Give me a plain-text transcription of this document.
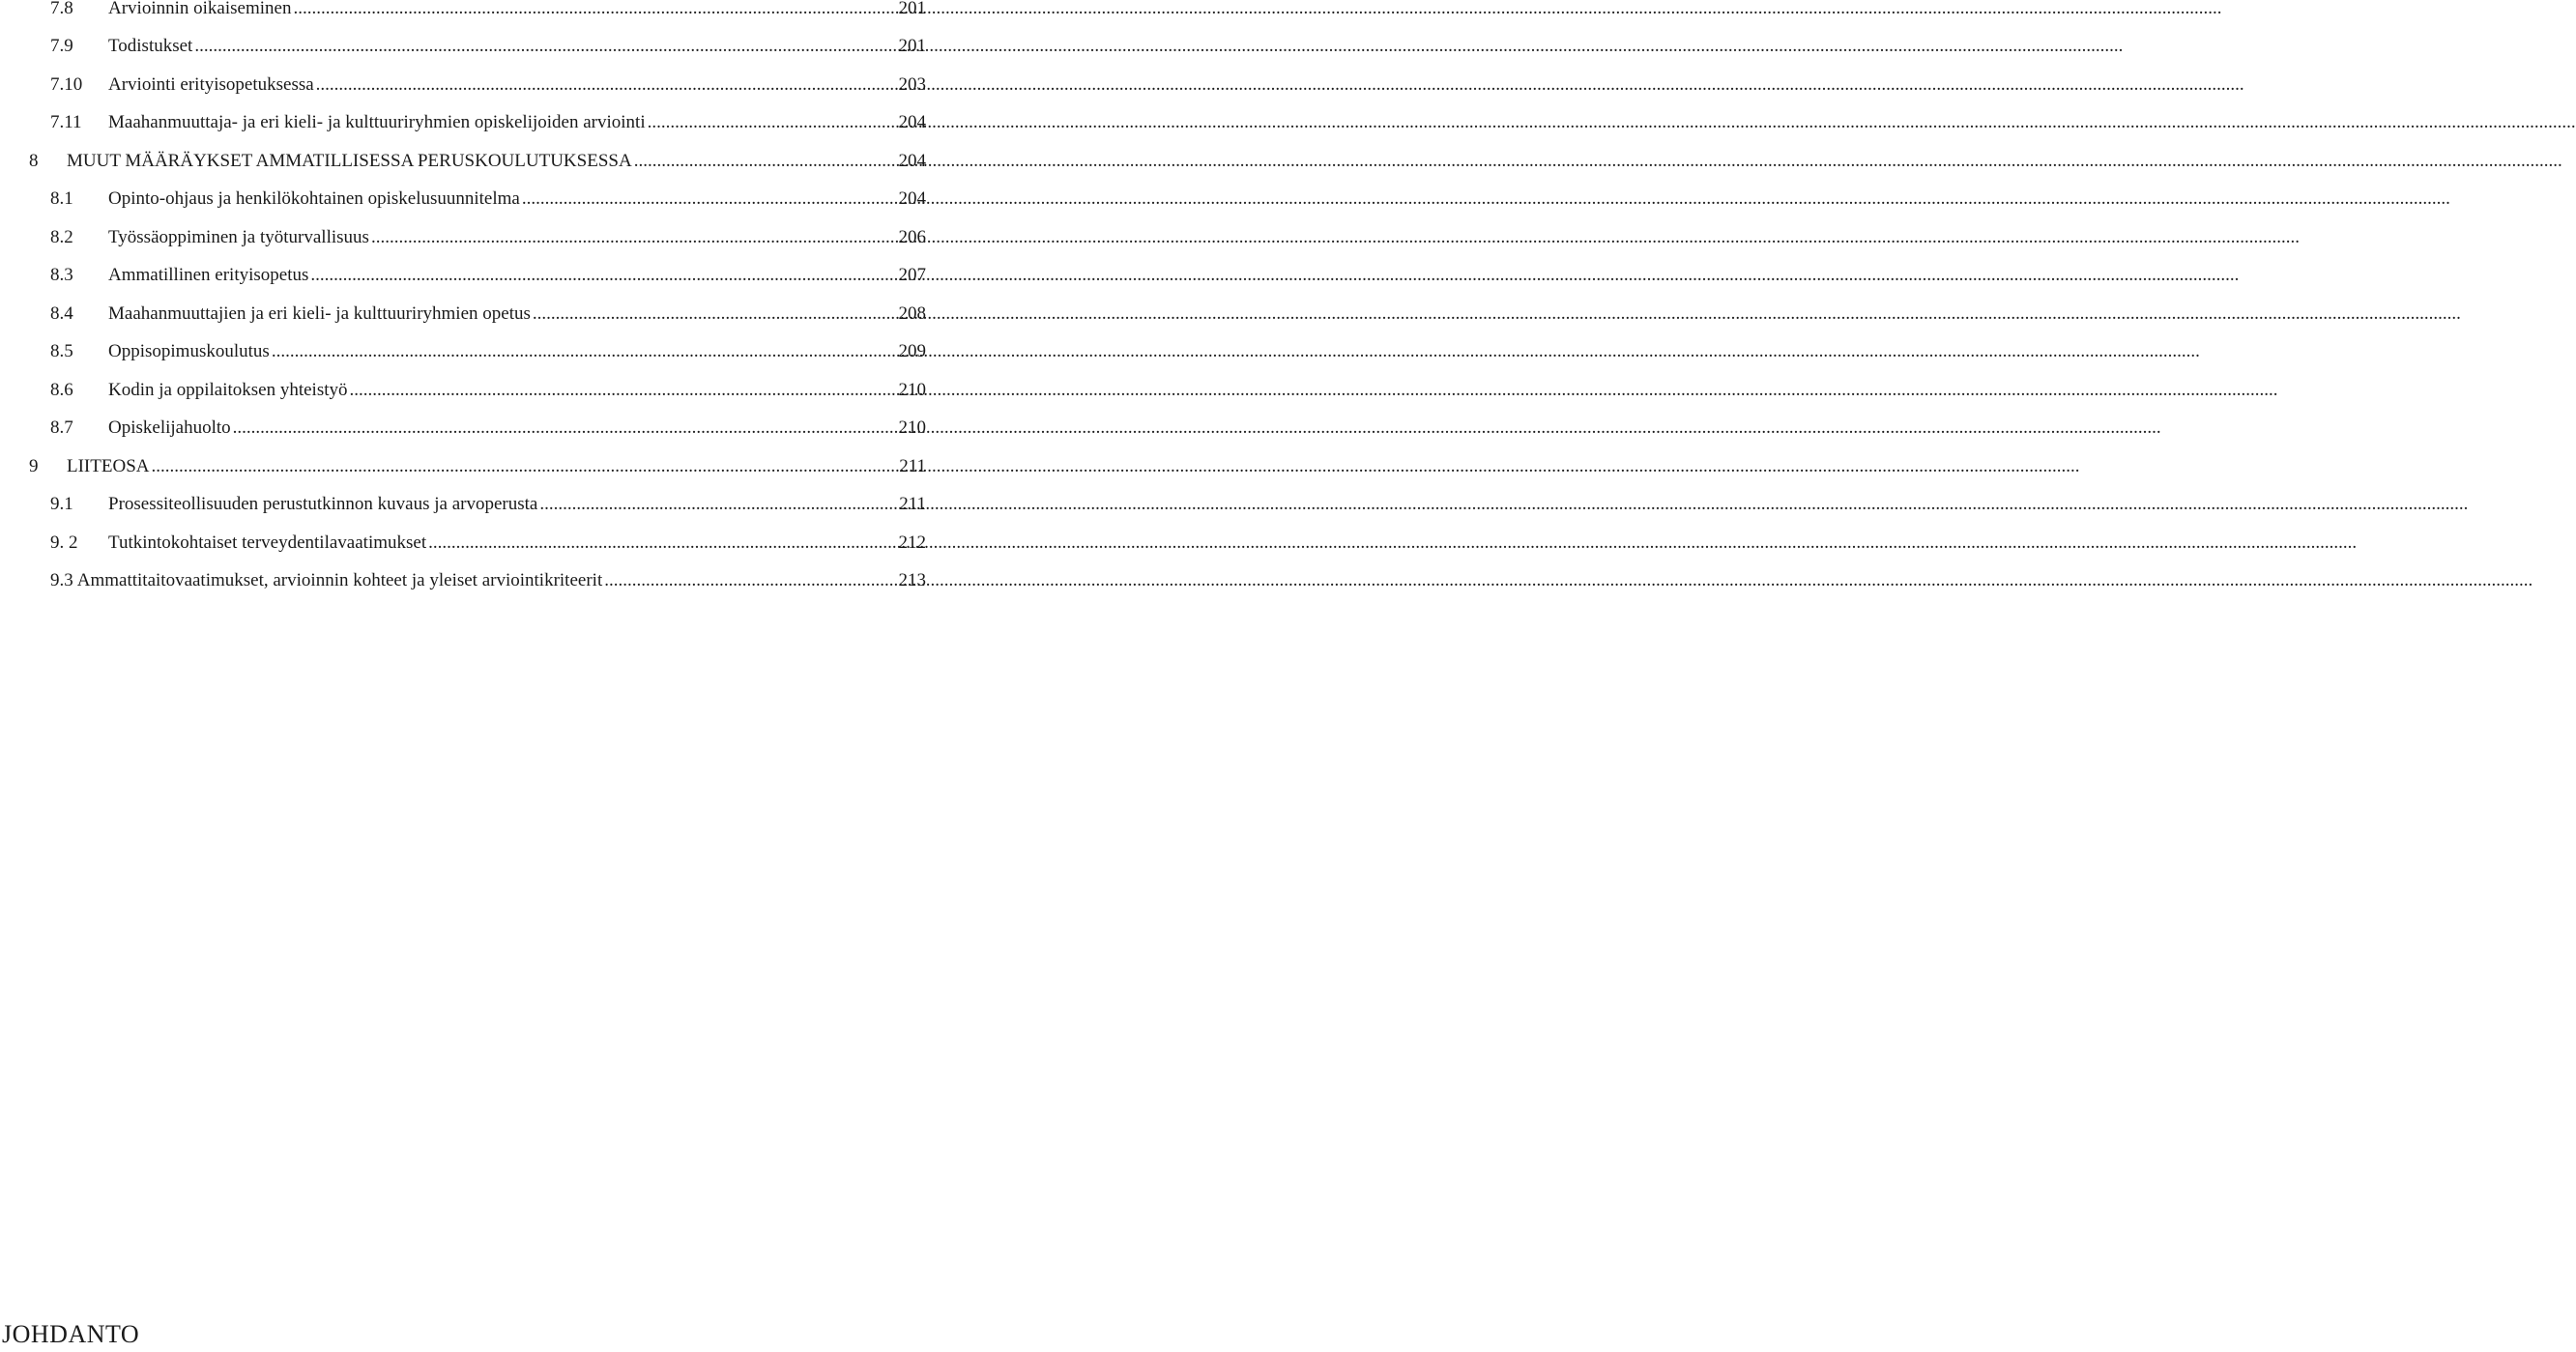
7.8	Arvioinnin oikaiseminen .....	201
7.9	Todistukset .....	201
7.10	Arviointi erityisopetuksessa .....	203
7.11	Maahanmuuttaja- ja eri kieli- ja kulttuuriryhmien opiskelijoiden arviointi .....	204
8	MUUT MÄÄRÄYKSET AMMATILLISESSA PERUSKOULUTUKSESSA .....	204
8.1	Opinto-ohjaus ja henkilökohtainen opiskelusuunnitelma .....	204
8.2	Työssäoppiminen ja työturvallisuus .....	206
8.3	Ammatillinen erityisopetus .....	207
8.4	Maahanmuuttajien ja eri kieli- ja kulttuuriryhmien opetus .....	208
8.5	Oppisopimuskoulutus .....	209
8.6	Kodin ja oppilaitoksen yhteistyö .....	210
8.7	Opiskelijahuolto .....	210
9	LIITEOSA .....	211
9.1	Prosessiteollisuuden perustutkinnon kuvaus ja arvoperusta .....	211
9. 2	Tutkintokohtaiset terveydentilavaatimukset .....	212
9.3 Ammattitaitovaatimukset, arvioinnin kohteet ja yleiset arviointikriteerit .....	213
JOHDANTO
